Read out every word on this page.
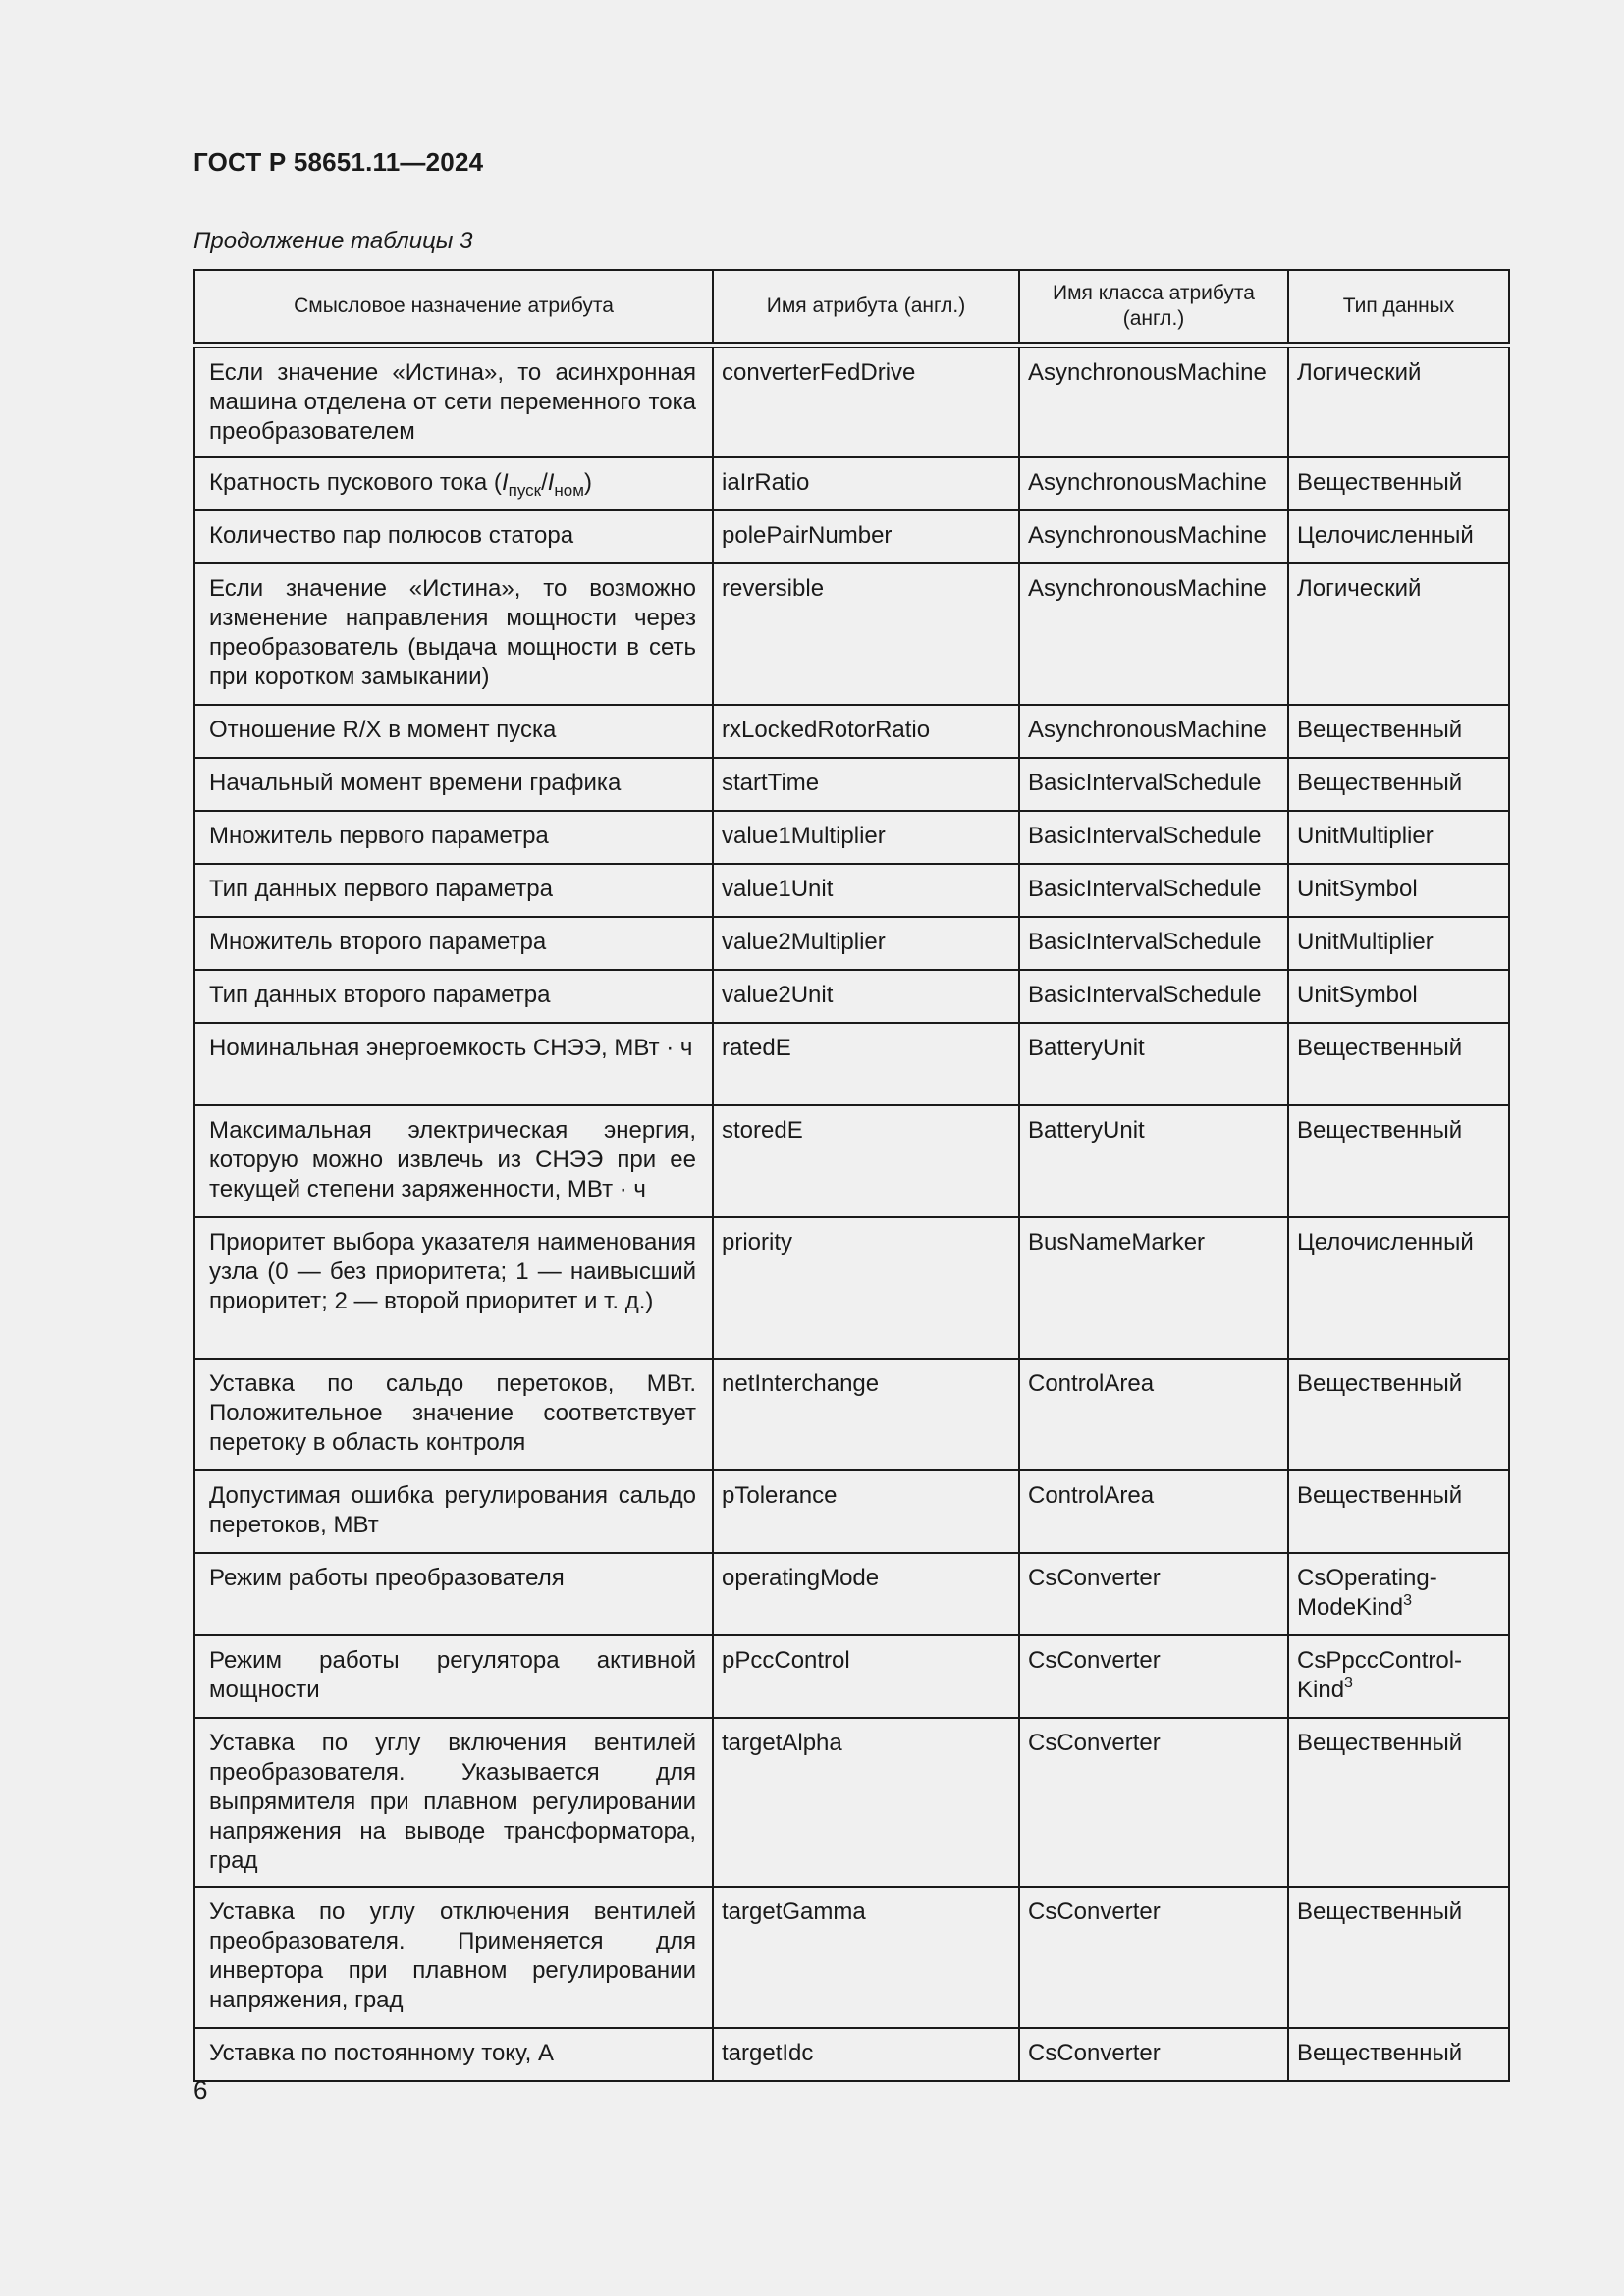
ГОСТ Р 58651.11—2024
Продолжение таблицы 3
Смысловое назначение атрибута	Имя атрибута (англ.)	Имя класса атрибута (англ.)	Тип данных
Если значение «Истина», то асинхронная машина отделена от сети переменного тока преобразователем	converterFedDrive	AsynchronousMachine	Логический
Кратность пускового тока $(I_{пуск}/I_{ном})$	iaIrRatio	AsynchronousMachine	Вещественный
Количество пар полюсов статора	polePairNumber	AsynchronousMachine	Целочисленный
Если значение «Истина», то возможно изменение направления мощности через преобразователь (выдача мощности в сеть при коротком замыкании)	reversible	AsynchronousMachine	Логический
Отношение R/X в момент пуска	rxLockedRotorRatio	AsynchronousMachine	Вещественный
Начальный момент времени графика	startTime	BasicIntervalSchedule	Вещественный
Множитель первого параметра	value1Multiplier	BasicIntervalSchedule	UnitMultiplier
Тип данных первого параметра	value1Unit	BasicIntervalSchedule	UnitSymbol
Множитель второго параметра	value2Multiplier	BasicIntervalSchedule	UnitMultiplier
Тип данных второго параметра	value2Unit	BasicIntervalSchedule	UnitSymbol
Номинальная энергоемкость СНЭЭ, МВт · ч	ratedE	BatteryUnit	Вещественный
Максимальная электрическая энергия, которую можно извлечь из СНЭЭ при ее текущей степени заряженности, МВт · ч	storedE	BatteryUnit	Вещественный
Приоритет выбора указателя наименования узла (0 — без приоритета; 1 — наивысший приоритет; 2 — второй приоритет и т. д.)	priority	BusNameMarker	Целочисленный
Уставка по сальдо перетоков, МВт. Положительное значение соответствует перетоку в область контроля	netInterchange	ControlArea	Вещественный
Допустимая ошибка регулирования сальдо перетоков, МВт	pTolerance	ControlArea	Вещественный
Режим работы преобразователя	operatingMode	CsConverter	CsOperating-ModeKind$^3$
Режим работы регулятора активной мощности	pPccControl	CsConverter	CsPpccControl-Kind$^3$
Уставка по углу включения вентилей преобразователя. Указывается для выпрямителя при плавном регулировании напряжения на выводе трансформатора, град	targetAlpha	CsConverter	Вещественный
Уставка по углу отключения вентилей преобразователя. Применяется для инвертора при плавном регулировании напряжения, град	targetGamma	CsConverter	Вещественный
Уставка по постоянному току, А	targetIdc	CsConverter	Вещественный
6
